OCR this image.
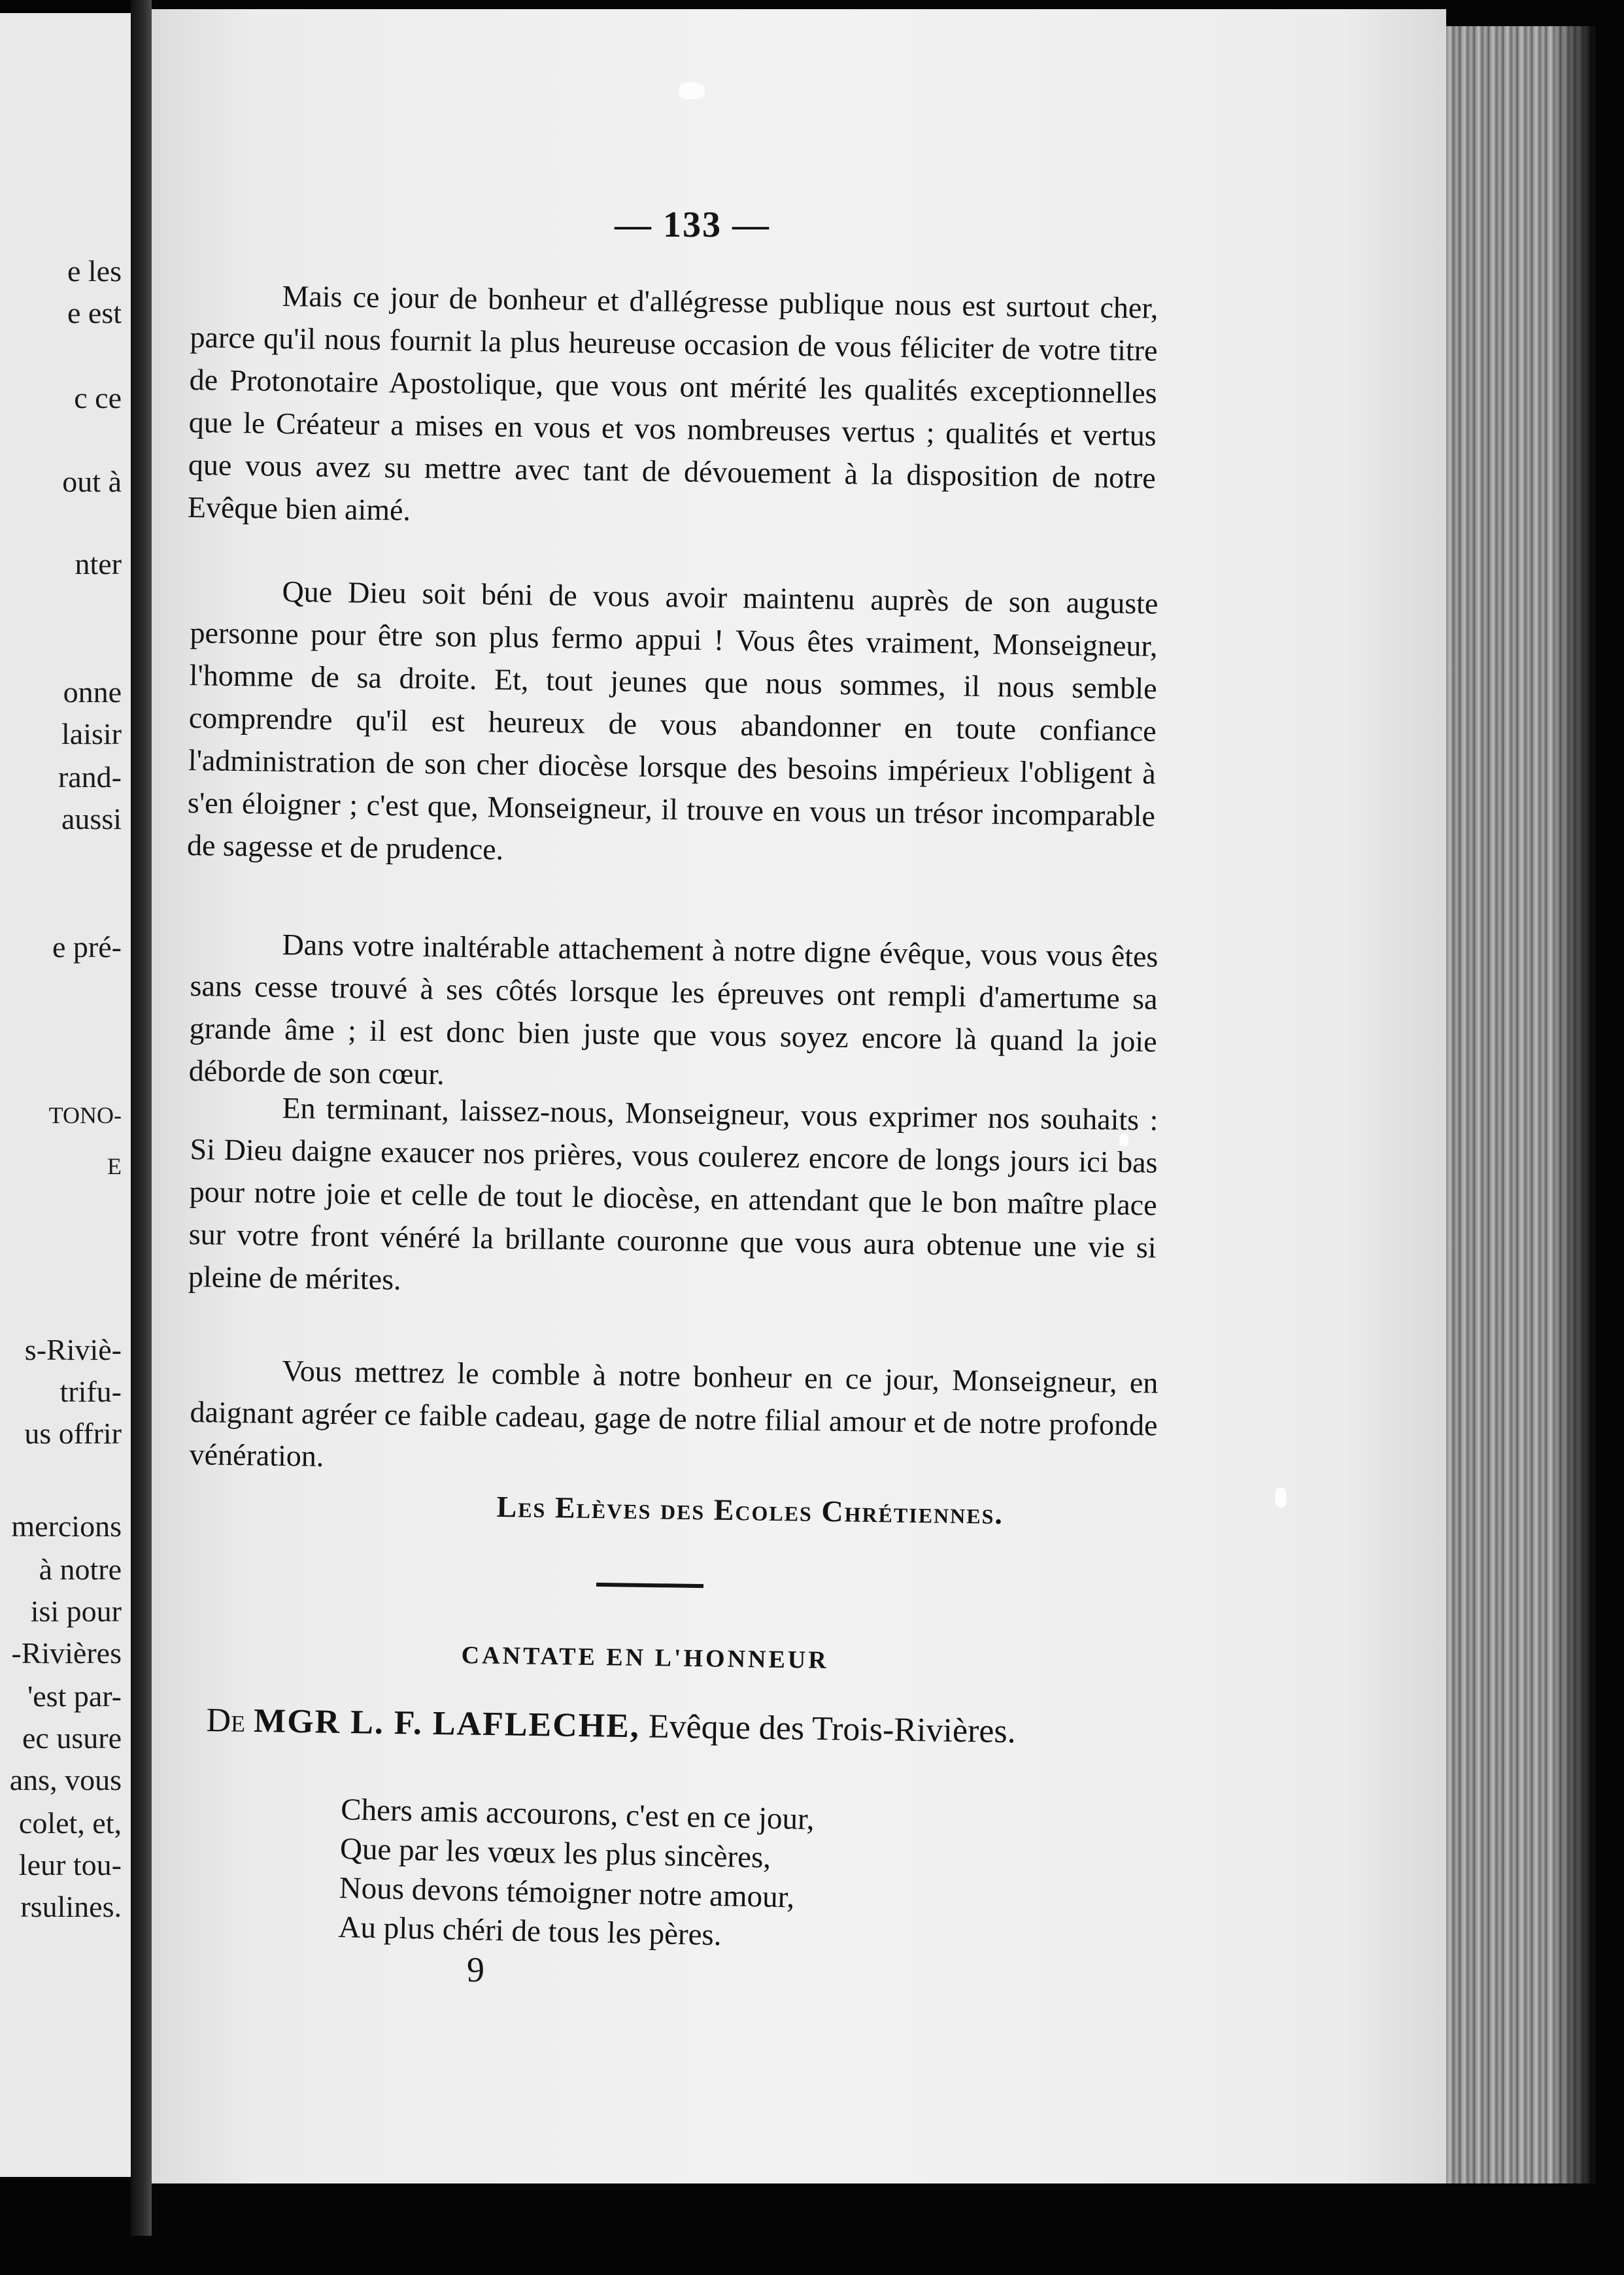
e les
e est
c ce
out à
nter
onne
laisir
rand-
aussi
e pré-
TONO-
E
s-Riviè-
trifu-
us offrir
mercions
à notre
isi pour
-Rivières
'est par-
ec usure
ans, vous
colet, et,
leur tou-
rsulines.
— 133 —

Mais ce jour de bonheur et d'allégresse publique nous est surtout cher, parce qu'il nous fournit la plus heureuse occasion de vous féliciter de votre titre de Protonotaire Apostolique, que vous ont mérité les qualités exceptionnelles que le Créateur a mises en vous et vos nombreuses vertus ; qualités et vertus que vous avez su mettre avec tant de dévouement à la disposition de notre Evêque bien aimé.

Que Dieu soit béni de vous avoir maintenu auprès de son auguste personne pour être son plus fermo appui ! Vous êtes vraiment, Monseigneur, l'homme de sa droite. Et, tout jeunes que nous sommes, il nous semble comprendre qu'il est heureux de vous abandonner en toute confiance l'administration de son cher diocèse lorsque des besoins impérieux l'obligent à s'en éloigner ; c'est que, Monseigneur, il trouve en vous un trésor incomparable de sagesse et de prudence.

Dans votre inaltérable attachement à notre digne évêque, vous vous êtes sans cesse trouvé à ses côtés lorsque les épreuves ont rempli d'amertume sa grande âme ; il est donc bien juste que vous soyez encore là quand la joie déborde de son cœur.

En terminant, laissez-nous, Monseigneur, vous exprimer nos souhaits : Si Dieu daigne exaucer nos prières, vous coulerez encore de longs jours ici bas pour notre joie et celle de tout le diocèse, en attendant que le bon maître place sur votre front vénéré la brillante couronne que vous aura obtenue une vie si pleine de mérites.

Vous mettrez le comble à notre bonheur en ce jour, Monseigneur, en daignant agréer ce faible cadeau, gage de notre filial amour et de notre profonde vénération.

Les Elèves des Ecoles Chrétiennes.
CANTATE EN L'HONNEUR
De MGR L. F. LAFLECHE, Evêque des Trois-Rivières.
Chers amis accourons, c'est en ce jour,
Que par les vœux les plus sincères,
Nous devons témoigner notre amour,
Au plus chéri de tous les pères.
9
